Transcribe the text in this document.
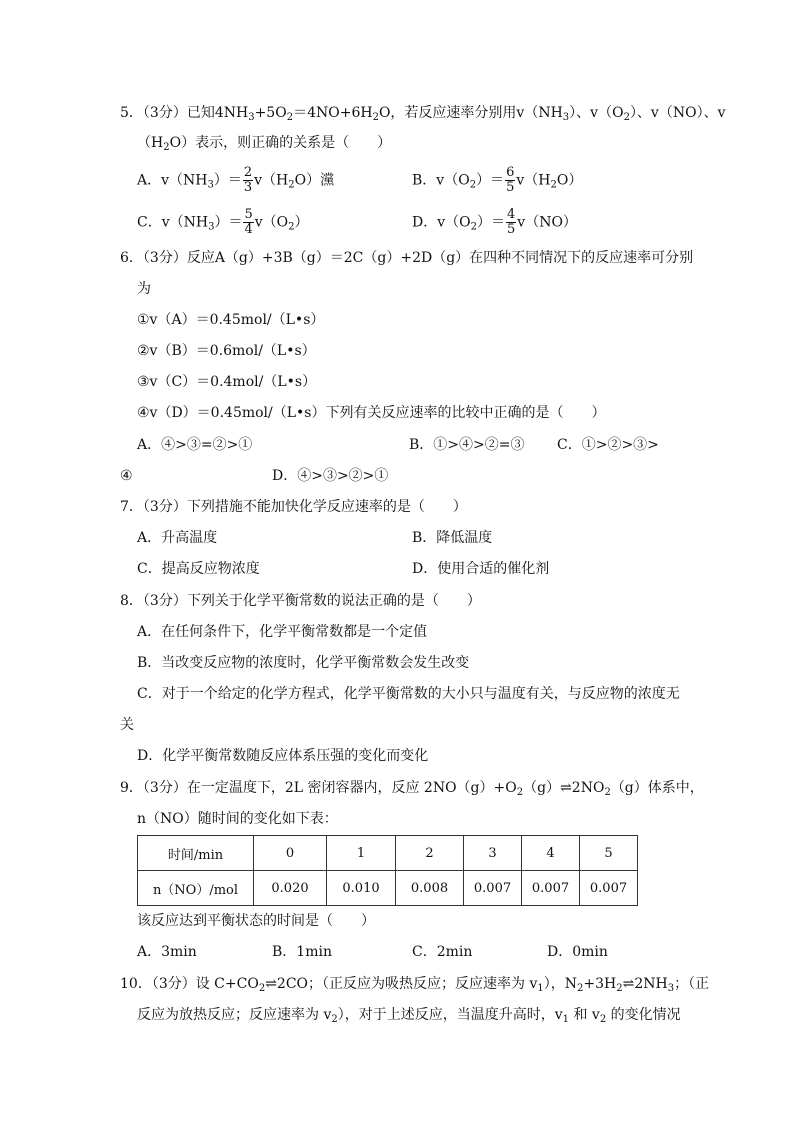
5．（3分）已知$4NH_3+5O_2=4NO+6H_2O$，若反应速率分别用$v(NH_3)$、$v(O_2)$、v（NO）、v
$(H_2O)$表示，则正确的关系是（　　）
A．$v(NH_3)= \frac{2}{3} v(H_2O)$灙	B．$v(O_2)= \frac{6}{5} v(H_2O)$
C．$v(NH_3)= \frac{5}{4} v(O_2)$	D．$v(O_2)= \frac{4}{5} v(NO)$
6．（3分）反应A（g）+3B（g）＝2C（g）+2D（g）在四种不同情况下的反应速率可分别
为
①v（A）＝0.45mol/（L•s）
②v（B）＝0.6mol/（L•s）
③v（C）＝0.4mol/（L•s）
④v（D）＝0.45mol/（L•s）下列有关反应速率的比较中正确的是（　　）
A．④>③=②>①	B．①>④>②=③ C．①>②>③>
④	D．④>③>②>①
7．（3分）下列措施不能加快化学反应速率的是（　　）
A．升高温度	B．降低温度
C．提高反应物浓度	D．使用合适的催化剂
8．（3分）下列关于化学平衡常数的说法正确的是（　　）
A．在任何条件下，化学平衡常数都是一个定值
B．当改变反应物的浓度时，化学平衡常数会发生改变
C．对于一个给定的化学方程式，化学平衡常数的大小只与温度有关，与反应物的浓度无
关
D．化学平衡常数随反应体系压强的变化而变化
9．（3分）在一定温度下，2L 密闭容器内，反应 $2NO(g)+O_2(g)\rightleftharpoons 2NO_2(g)$体系中，
n（NO）随时间的变化如下表：
时间/min	0	1	2	3	4	5
n（NO）/mol	0.020	0.010	0.008	0.007	0.007	0.007
该反应达到平衡状态的时间是（　　）
A．3min	B．1min	C．2min	D．0min
10．（3分）设 $C+CO_2\rightleftharpoons 2CO$；（正反应为吸热反应；反应速率为 $v_1$），$N_2+3H_2\rightleftharpoons 2NH_3$；（正
反应为放热反应；反应速率为 $v_2$），对于上述反应，当温度升高时，$v_1$ 和 $v_2$ 的变化情况
